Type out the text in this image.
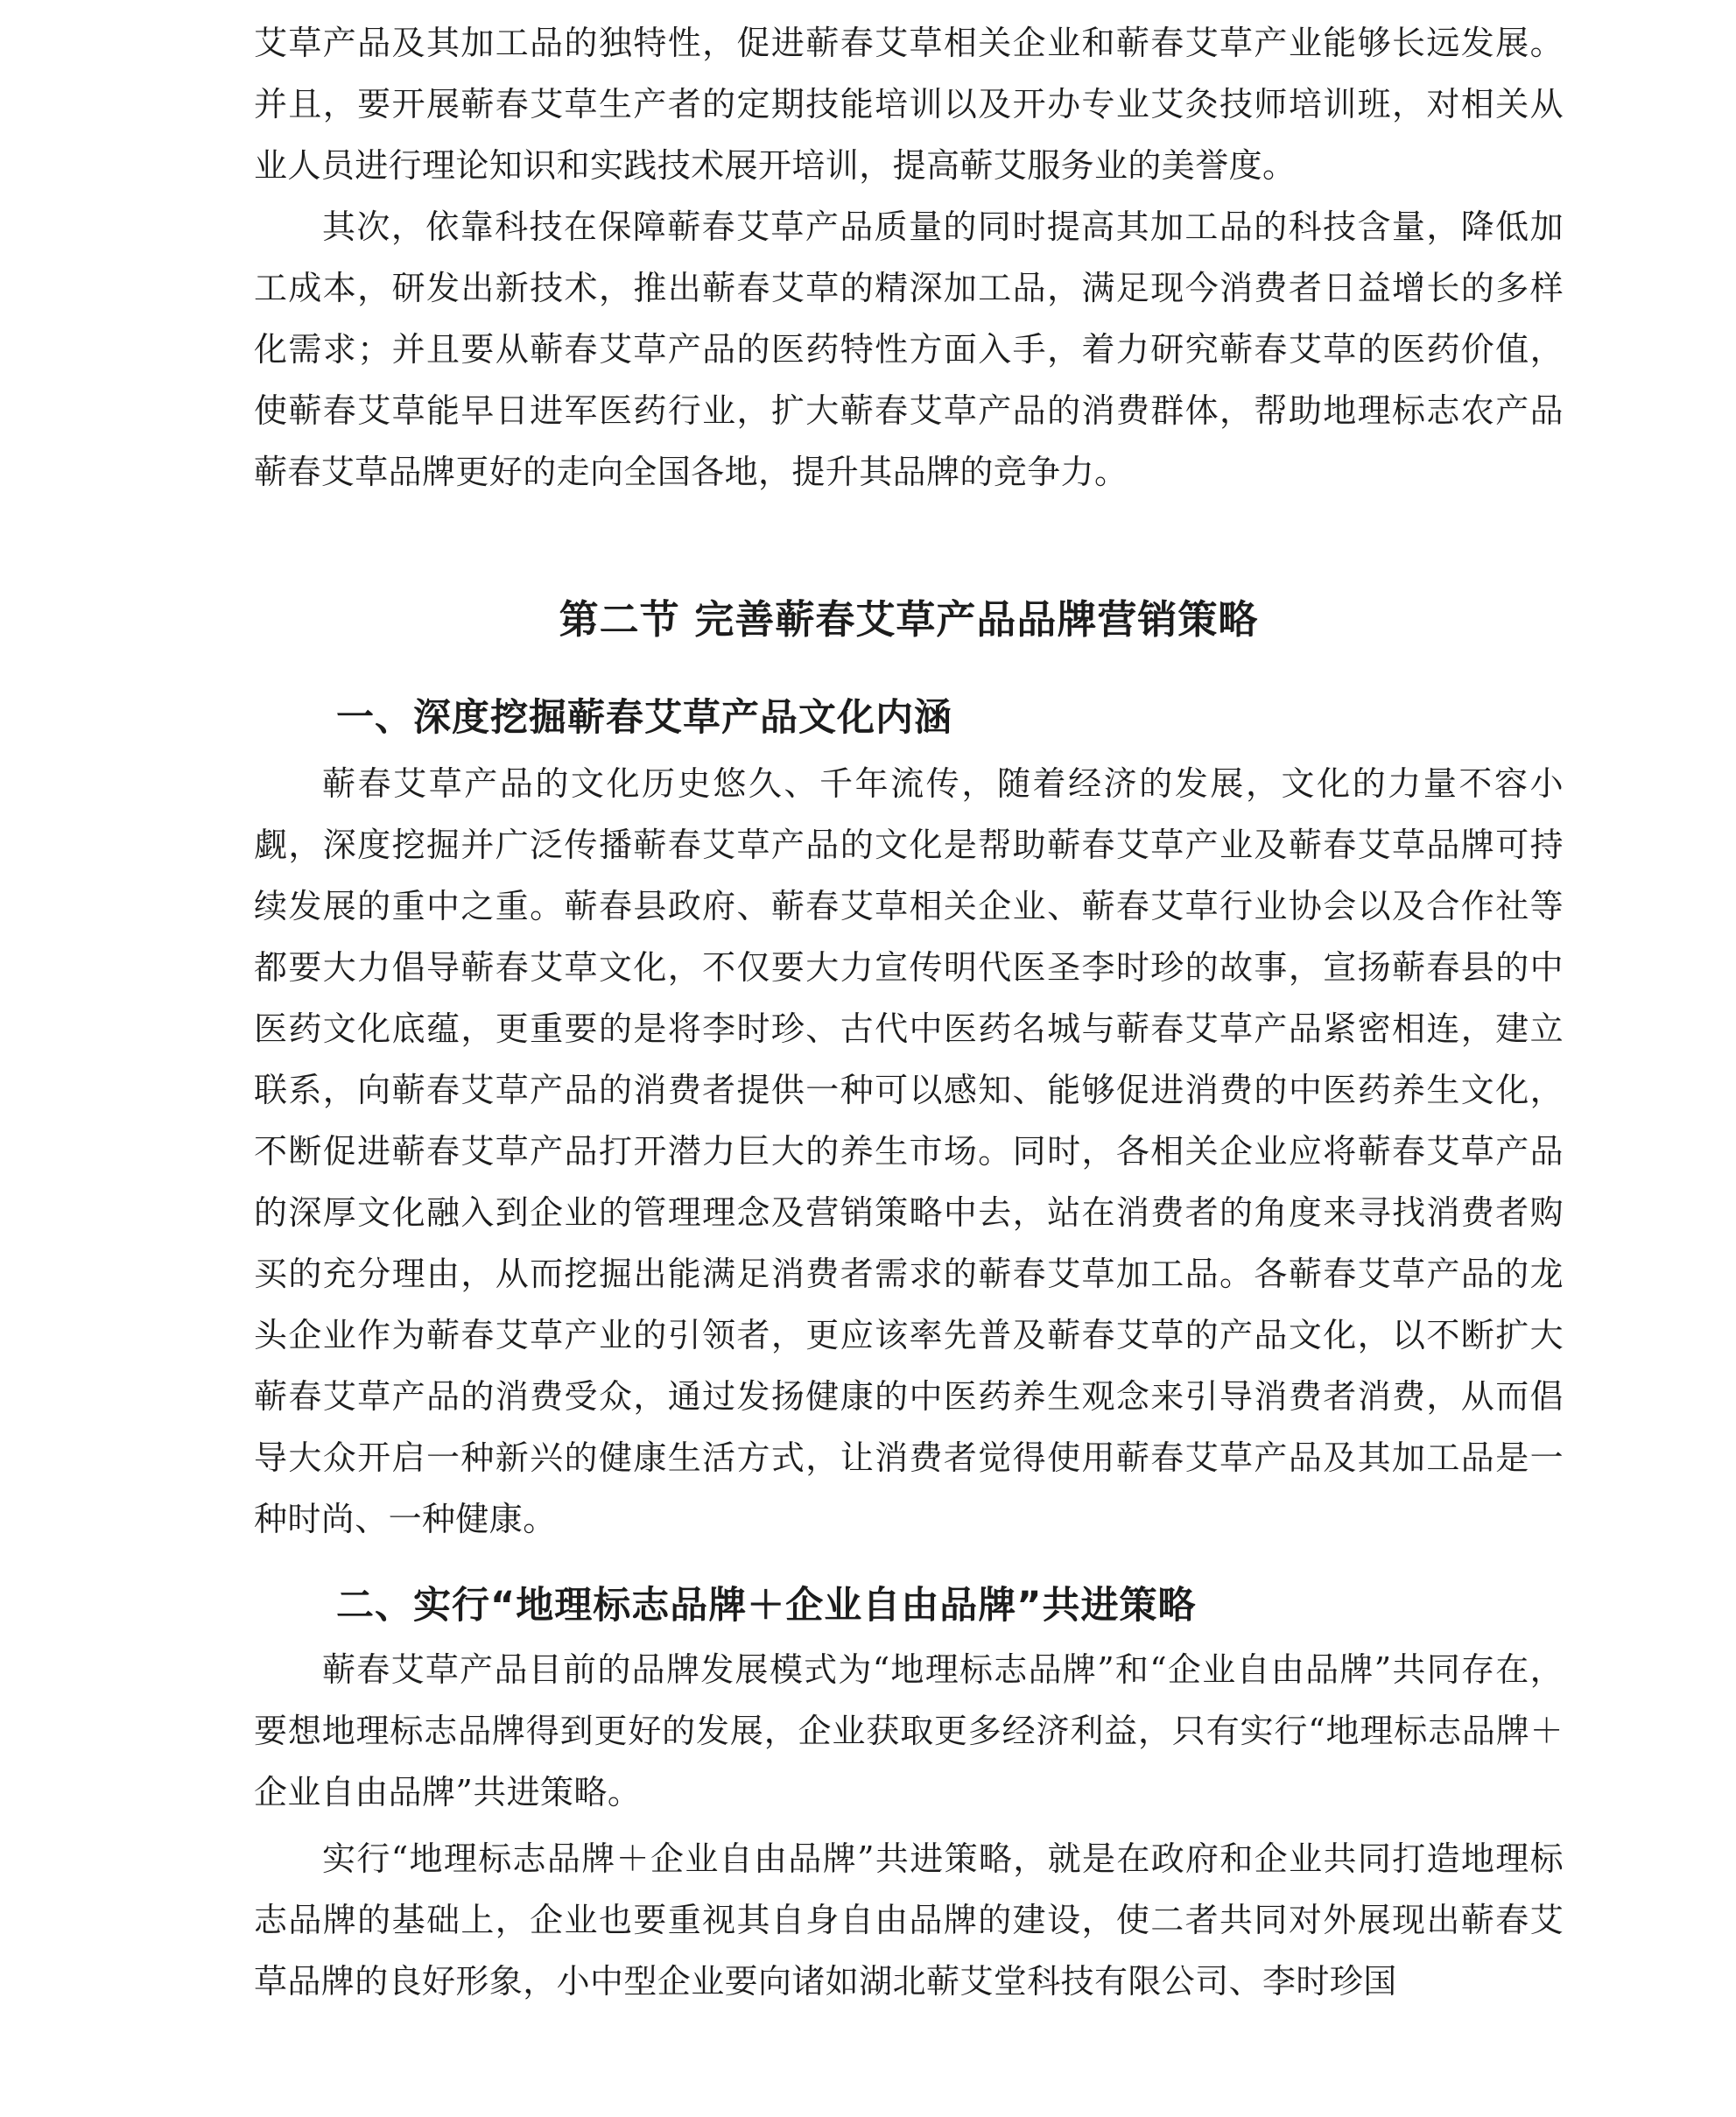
艾草产品及其加工品的独特性，促进蕲春艾草相关企业和蕲春艾草产业能够长远发展。并且，要开展蕲春艾草生产者的定期技能培训以及开办专业艾灸技师培训班，对相关从业人员进行理论知识和实践技术展开培训，提高蕲艾服务业的美誉度。

其次，依靠科技在保障蕲春艾草产品质量的同时提高其加工品的科技含量，降低加工成本，研发出新技术，推出蕲春艾草的精深加工品，满足现今消费者日益增长的多样化需求；并且要从蕲春艾草产品的医药特性方面入手，着力研究蕲春艾草的医药价值，使蕲春艾草能早日进军医药行业，扩大蕲春艾草产品的消费群体，帮助地理标志农产品蕲春艾草品牌更好的走向全国各地，提升其品牌的竞争力。

第二节 完善蕲春艾草产品品牌营销策略
一、深度挖掘蕲春艾草产品文化内涵

蕲春艾草产品的文化历史悠久、千年流传，随着经济的发展，文化的力量不容小觑，深度挖掘并广泛传播蕲春艾草产品的文化是帮助蕲春艾草产业及蕲春艾草品牌可持续发展的重中之重。蕲春县政府、蕲春艾草相关企业、蕲春艾草行业协会以及合作社等都要大力倡导蕲春艾草文化，不仅要大力宣传明代医圣李时珍的故事，宣扬蕲春县的中医药文化底蕴，更重要的是将李时珍、古代中医药名城与蕲春艾草产品紧密相连，建立联系，向蕲春艾草产品的消费者提供一种可以感知、能够促进消费的中医药养生文化，不断促进蕲春艾草产品打开潜力巨大的养生市场。同时，各相关企业应将蕲春艾草产品的深厚文化融入到企业的管理理念及营销策略中去，站在消费者的角度来寻找消费者购买的充分理由，从而挖掘出能满足消费者需求的蕲春艾草加工品。各蕲春艾草产品的龙头企业作为蕲春艾草产业的引领者，更应该率先普及蕲春艾草的产品文化，以不断扩大蕲春艾草产品的消费受众，通过发扬健康的中医药养生观念来引导消费者消费，从而倡导大众开启一种新兴的健康生活方式，让消费者觉得使用蕲春艾草产品及其加工品是一种时尚、一种健康。

二、实行“地理标志品牌＋企业自由品牌”共进策略

蕲春艾草产品目前的品牌发展模式为“地理标志品牌”和“企业自由品牌”共同存在，要想地理标志品牌得到更好的发展，企业获取更多经济利益，只有实行“地理标志品牌＋企业自由品牌”共进策略。

实行“地理标志品牌＋企业自由品牌”共进策略，就是在政府和企业共同打造地理标志品牌的基础上，企业也要重视其自身自由品牌的建设，使二者共同对外展现出蕲春艾草品牌的良好形象，小中型企业要向诸如湖北蕲艾堂科技有限公司、李时珍国
